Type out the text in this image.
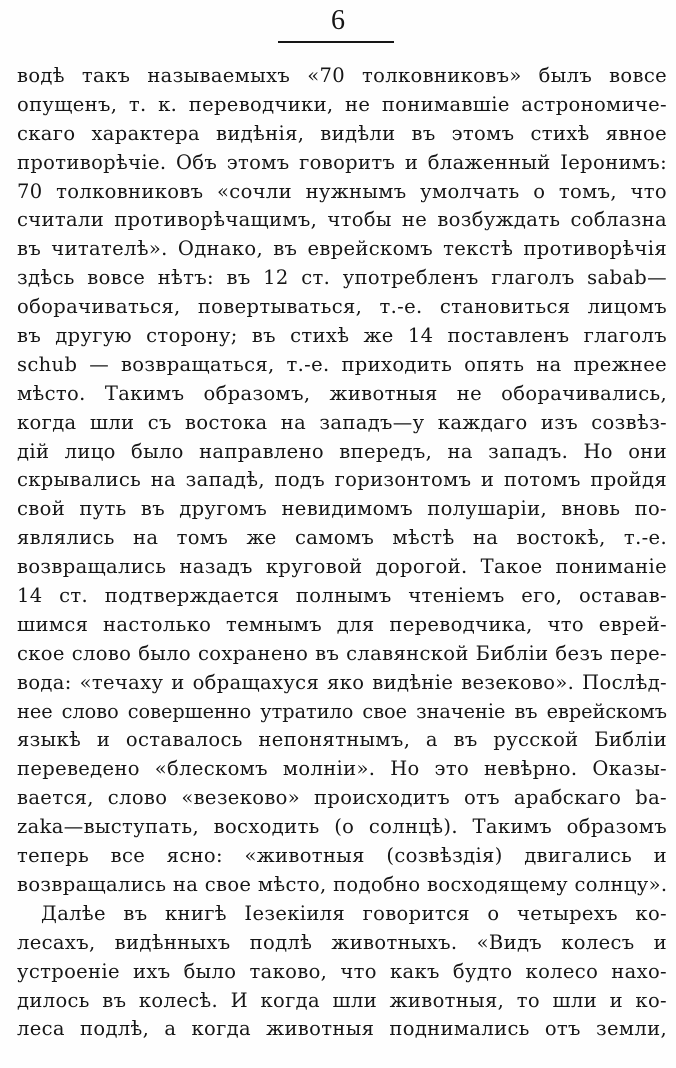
6
водѣ такъ называемыхъ «70 толковниковъ» былъ вовсе
опущенъ, т. к. переводчики, не понимавшіе астрономиче-
скаго характера видѣнія, видѣли въ этомъ стихѣ явное
противорѣчіе. Объ этомъ говоритъ и блаженный Іеронимъ:
70 толковниковъ «сочли нужнымъ умолчать о томъ, что
считали противорѣчащимъ, чтобы не возбуждать соблазна
въ читателѣ». Однако, въ еврейскомъ текстѣ противорѣчія
здѣсь вовсе нѣтъ: въ 12 ст. употребленъ глаголъ sabab—
оборачиваться, повертываться, т.-е. становиться лицомъ
въ другую сторону; въ стихѣ же 14 поставленъ глаголъ
schub — возвращаться, т.-е. приходить опять на прежнее
мѣсто. Такимъ образомъ, животныя не оборачивались,
когда шли съ востока на западъ—у каждаго изъ созвѣз-
дій лицо было направлено впередъ, на западъ. Но они
скрывались на западѣ, подъ горизонтомъ и потомъ пройдя
свой путь въ другомъ невидимомъ полушаріи, вновь по-
являлись на томъ же самомъ мѣстѣ на востокѣ, т.-е.
возвращались назадъ круговой дорогой. Такое пониманіе
14 ст. подтверждается полнымъ чтеніемъ его, оставав-
шимся настолько темнымъ для переводчика, что еврей-
ское слово было сохранено въ славянской Библіи безъ пере-
вода: «течаху и обращахуся яко видѣніе везеково». Послѣд-
нее слово совершенно утратило свое значеніе въ еврейскомъ
языкѣ и оставалось непонятнымъ, а въ русской Библіи
переведено «блескомъ молніи». Но это невѣрно. Оказы-
вается, слово «везеково» происходитъ отъ арабскаго ba-
zaka—выступать, восходить (о солнцѣ). Такимъ образомъ
теперь все ясно: «животныя (созвѣздія) двигались и
возвращались на свое мѣсто, подобно восходящему солнцу».
Далѣе въ книгѣ Іезекіиля говорится о четырехъ ко-
лесахъ, видѣнныхъ подлѣ животныхъ. «Видъ колесъ и
устроеніе ихъ было таково, что какъ будто колесо нахо-
дилось въ колесѣ. И когда шли животныя, то шли и ко-
леса подлѣ, а когда животныя поднимались отъ земли,
